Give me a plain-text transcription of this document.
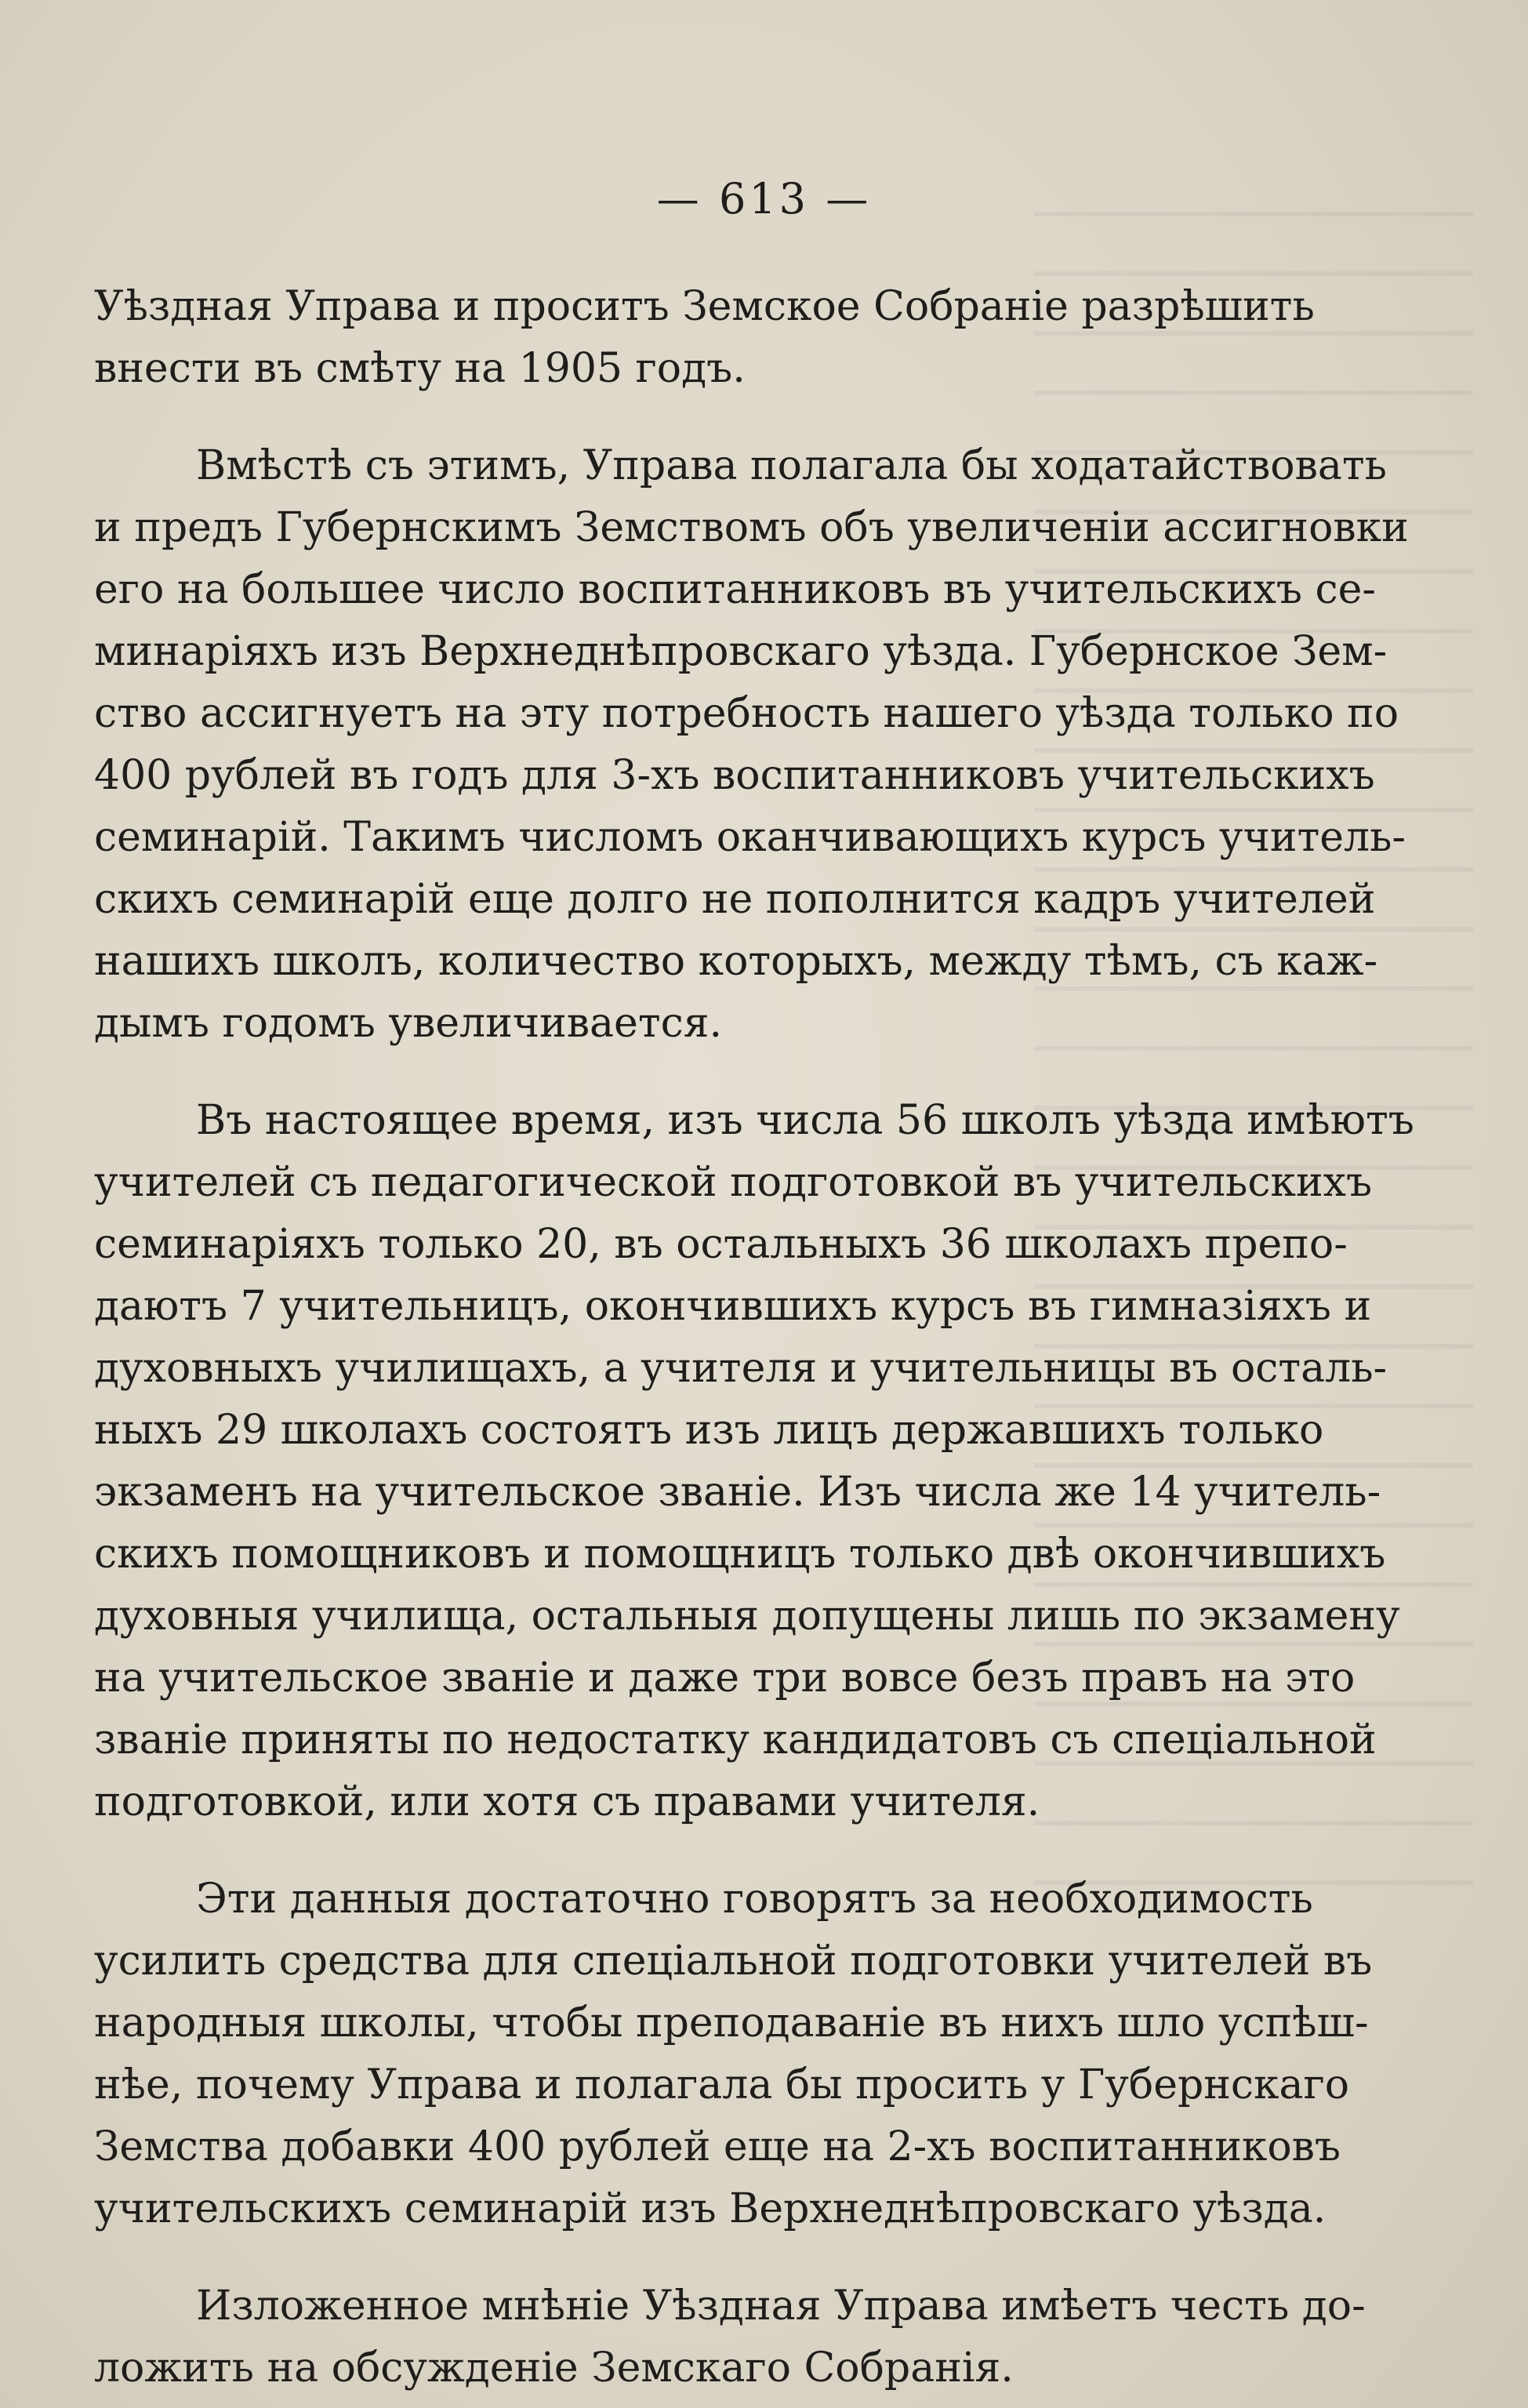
— 613 —
Уѣздная Управа и проситъ Земское Собраніе разрѣшить
внести въ смѣту на 1905 годъ.
Вмѣстѣ съ этимъ, Управа полагала бы ходатайствовать
и предъ Губернскимъ Земствомъ объ увеличеніи ассигновки
его на большее число воспитанниковъ въ учительскихъ се-
минаріяхъ изъ Верхнеднѣпровскаго уѣзда. Губернское Зем-
ство ассигнуетъ на эту потребность нашего уѣзда только по
400 рублей въ годъ для 3-хъ воспитанниковъ учительскихъ
семинарій. Такимъ числомъ оканчивающихъ курсъ учитель-
скихъ семинарій еще долго не пополнится кадръ учителей
нашихъ школъ, количество которыхъ, между тѣмъ, съ каж-
дымъ годомъ увеличивается.
Въ настоящее время, изъ числа 56 школъ уѣзда имѣютъ
учителей съ педагогической подготовкой въ учительскихъ
семинаріяхъ только 20, въ остальныхъ 36 школахъ препо-
даютъ 7 учительницъ, окончившихъ курсъ въ гимназіяхъ и
духовныхъ училищахъ, а учителя и учительницы въ осталь-
ныхъ 29 школахъ состоятъ изъ лицъ державшихъ только
экзаменъ на учительское званіе. Изъ числа же 14 учитель-
скихъ помощниковъ и помощницъ только двѣ окончившихъ
духовныя училища, остальныя допущены лишь по экзамену
на учительское званіе и даже три вовсе безъ правъ на это
званіе приняты по недостатку кандидатовъ съ спеціальной
подготовкой, или хотя съ правами учителя.
Эти данныя достаточно говорятъ за необходимость
усилить средства для спеціальной подготовки учителей въ
народныя школы, чтобы преподаваніе въ нихъ шло успѣш-
нѣе, почему Управа и полагала бы просить у Губернскаго
Земства добавки 400 рублей еще на 2-хъ воспитанниковъ
учительскихъ семинарій изъ Верхнеднѣпровскаго уѣзда.
Изложенное мнѣніе Уѣздная Управа имѣетъ честь до-
ложить на обсужденіе Земскаго Собранія.
